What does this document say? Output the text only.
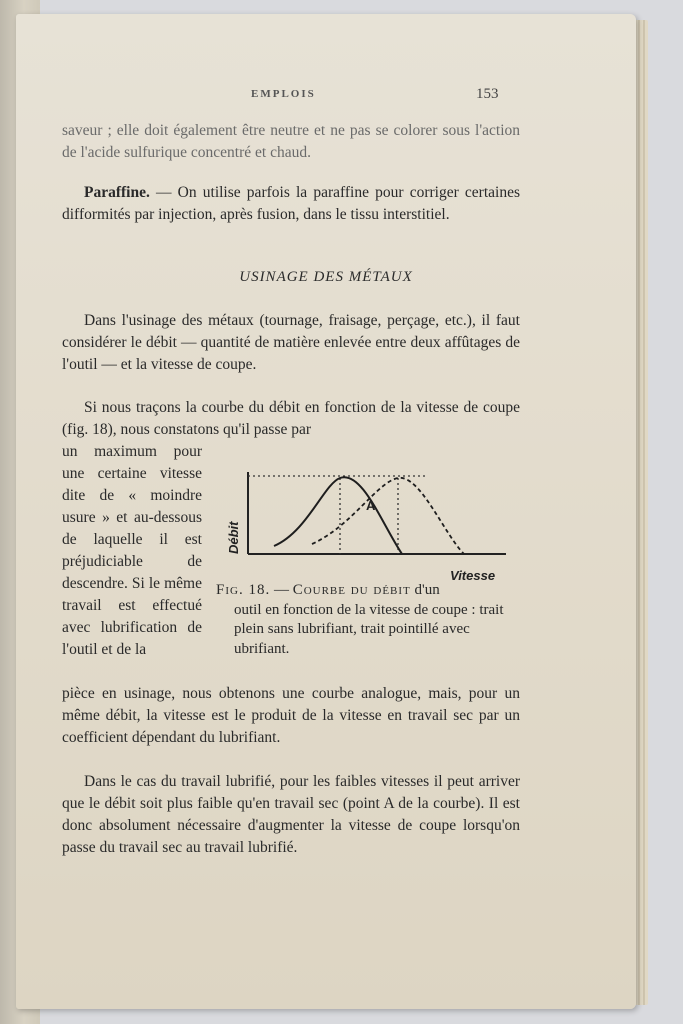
EMPLOIS	153

saveur ; elle doit également être neutre et ne pas se colorer sous l'action de l'acide sulfurique concentré et chaud.

Paraffine. — On utilise parfois la paraffine pour corriger certaines difformités par injection, après fusion, dans le tissu interstitiel.

USINAGE DES MÉTAUX

Dans l'usinage des métaux (tournage, fraisage, perçage, etc.), il faut considérer le débit — quantité de matière enlevée entre deux affûtages de l'outil — et la vitesse de coupe.

Si nous traçons la courbe du débit en fonction de la vitesse de coupe (fig. 18), nous constatons qu'il passe par

un maximum pour une certaine vitesse dite de « moindre usure » et au-dessous de laquelle il est préjudiciable de descendre. Si le même travail est effectué avec lubrification de l'outil et de la

A
Débit
Vitesse
Fig. 18. — Courbe du débit d'un
outil en fonction de la vitesse de coupe : trait plein sans lubrifiant, trait pointillé avec ubrifiant.

pièce en usinage, nous obtenons une courbe analogue, mais, pour un même débit, la vitesse est le produit de la vitesse en travail sec par un coefficient dépendant du lubrifiant.

Dans le cas du travail lubrifié, pour les faibles vitesses il peut arriver que le débit soit plus faible qu'en travail sec (point A de la courbe). Il est donc absolument nécessaire d'augmenter la vitesse de coupe lorsqu'on passe du travail sec au travail lubrifié.
